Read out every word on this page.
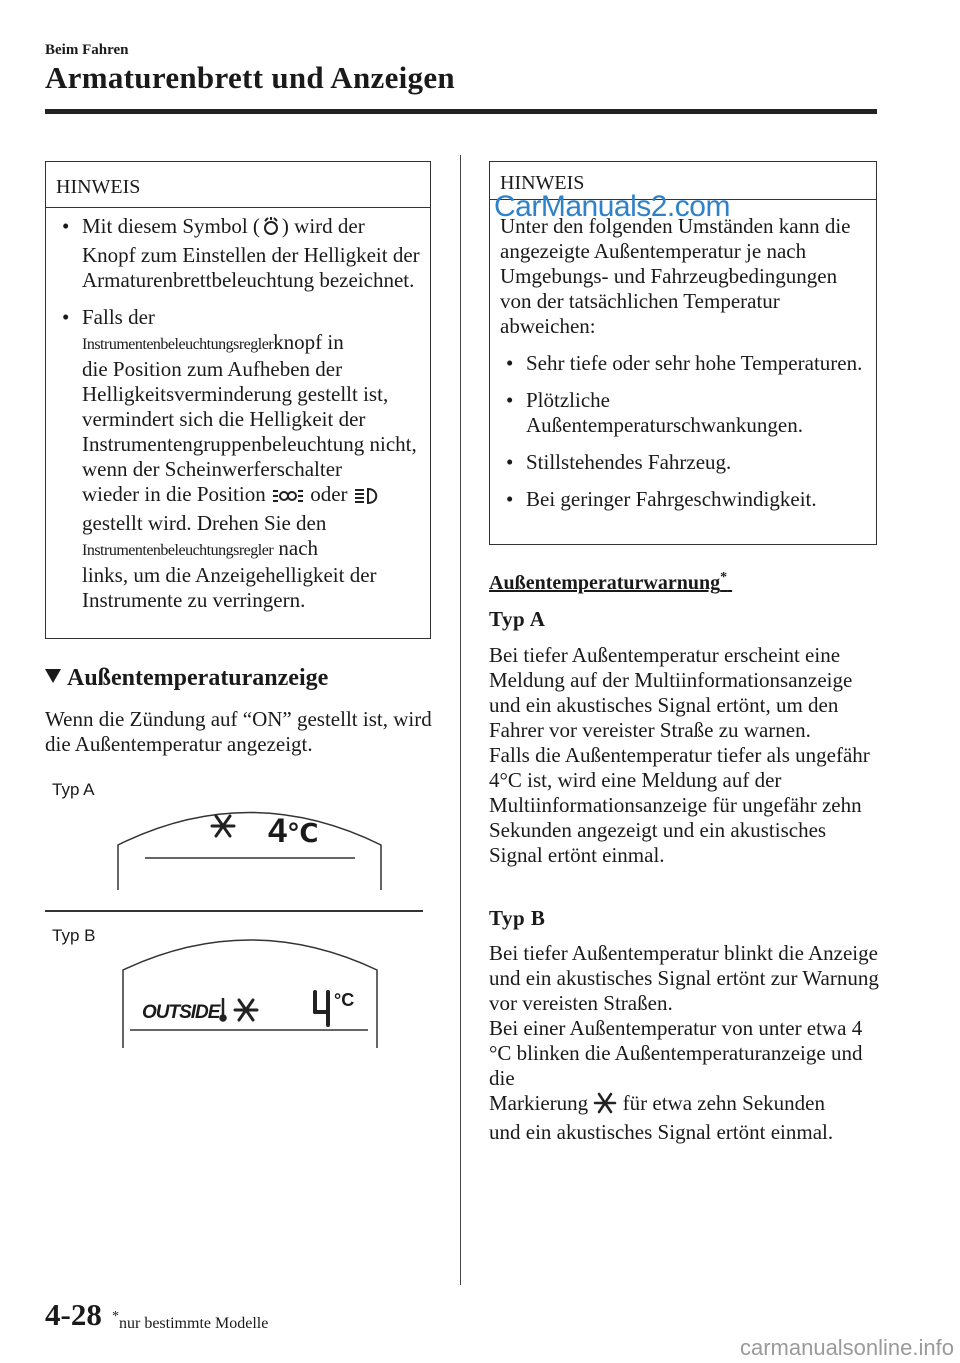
Beim Fahren
Armaturenbrett und Anzeigen
HINWEIS
• Mit diesem Symbol ( ) wird der Knopf zum Einstellen der Helligkeit der Armaturenbrettbeleuchtung bezeichnet.
• Falls der
Instrumentenbeleuchtungsreglerknopf in
die Position zum Aufheben der Helligkeitsverminderung gestellt ist, vermindert sich die Helligkeit der Instrumentengruppenbeleuchtung nicht, wenn der Scheinwerferschalter
wieder in die Position oder
gestellt wird. Drehen Sie den
Instrumentenbeleuchtungsregler nach
links, um die Anzeigehelligkeit der Instrumente zu verringern.
Außentemperaturanzeige
Wenn die Zündung auf “ON” gestellt ist, wird die Außentemperatur angezeigt.
Typ A
4℃
Typ B
OUTSIDE
°C
HINWEIS
Unter den folgenden Umständen kann die angezeigte Außentemperatur je nach Umgebungs- und Fahrzeugbedingungen von der tatsächlichen Temperatur abweichen:
• Sehr tiefe oder sehr hohe Temperaturen.
• Plötzliche Außentemperaturschwankungen.
• Stillstehendes Fahrzeug.
• Bei geringer Fahrgeschwindigkeit.
Außentemperaturwarnung*
Typ A
Bei tiefer Außentemperatur erscheint eine Meldung auf der Multiinformationsanzeige und ein akustisches Signal ertönt, um den Fahrer vor vereister Straße zu warnen.
Falls die Außentemperatur tiefer als ungefähr 4°C ist, wird eine Meldung auf der Multiinformationsanzeige für ungefähr zehn Sekunden angezeigt und ein akustisches Signal ertönt einmal.
Typ B
Bei tiefer Außentemperatur blinkt die Anzeige und ein akustisches Signal ertönt zur Warnung vor vereisten Straßen.
Bei einer Außentemperatur von unter etwa 4 °C blinken die Außentemperaturanzeige und die
Markierung für etwa zehn Sekunden
und ein akustisches Signal ertönt einmal.
4-28 *nur bestimmte Modelle
CarManuals2.com
carmanualsonline.info
